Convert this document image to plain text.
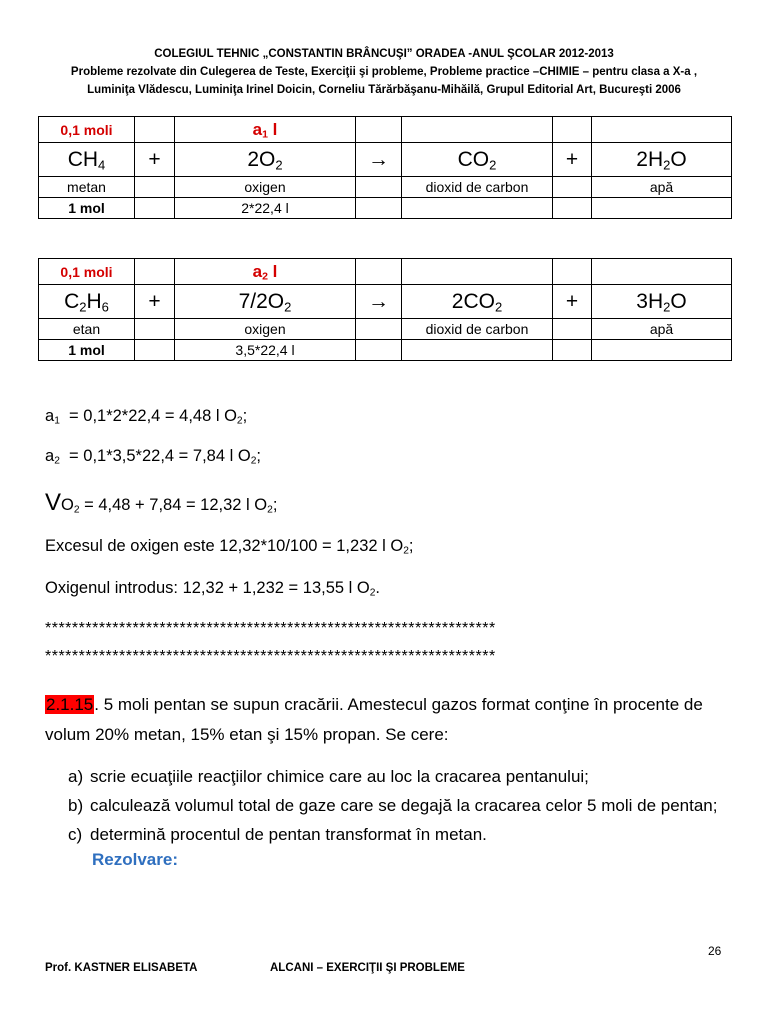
COLEGIUL TEHNIC „CONSTANTIN BRÂNCUŞI” ORADEA -ANUL ŞCOLAR 2012-2013
Probleme rezolvate din Culegerea de Teste, Exerciţii şi probleme, Probleme practice –CHIMIE – pentru clasa a X-a ,
Luminiţa Vlădescu, Luminiţa Irinel Doicin, Corneliu Tărărbăşanu-Mihăilă, Grupul Editorial Art, Bucureşti 2006
0,1 moli		$a_1$ l				
$CH_4$	+	$2O_2$	→	$CO_2$	+	$2H_2O$
metan		oxigen		dioxid de carbon		apă
1 mol		2*22,4 l				
0,1 moli		$a_2$ l				
$C_2H_6$	+	$7/2O_2$	→	$2CO_2$	+	$3H_2O$
etan		oxigen		dioxid de carbon		apă
1 mol		3,5*22,4 l				
$a_1 = 0,1*2*22,4 = 4,48$ l $O_2$;
$a_2 = 0,1*3,5*22,4 = 7,84$ l $O_2$;
$VO_2 = 4,48 + 7,84 = 12,32$ l $O_2$;
Excesul de oxigen este 12,32*10/100 = 1,232 l $O_2$;
Oxigenul introdus: 12,32 + 1,232 = 13,55 l $O_2$.
*******************************************************************
*******************************************************************
2.1.15. 5 moli pentan se supun cracării. Amestecul gazos format conţine în procente de volum 20% metan, 15% etan şi 15% propan. Se cere:
a) scrie ecuaţiile reacţiilor chimice care au loc la cracarea pentanului;
b) calculează volumul total de gaze care se degajă la cracarea celor 5 moli de pentan;
c) determină procentul de pentan transformat în metan.
Rezolvare:
26
Prof. KASTNER ELISABETA	ALCANI – EXERCIŢII ŞI PROBLEME
